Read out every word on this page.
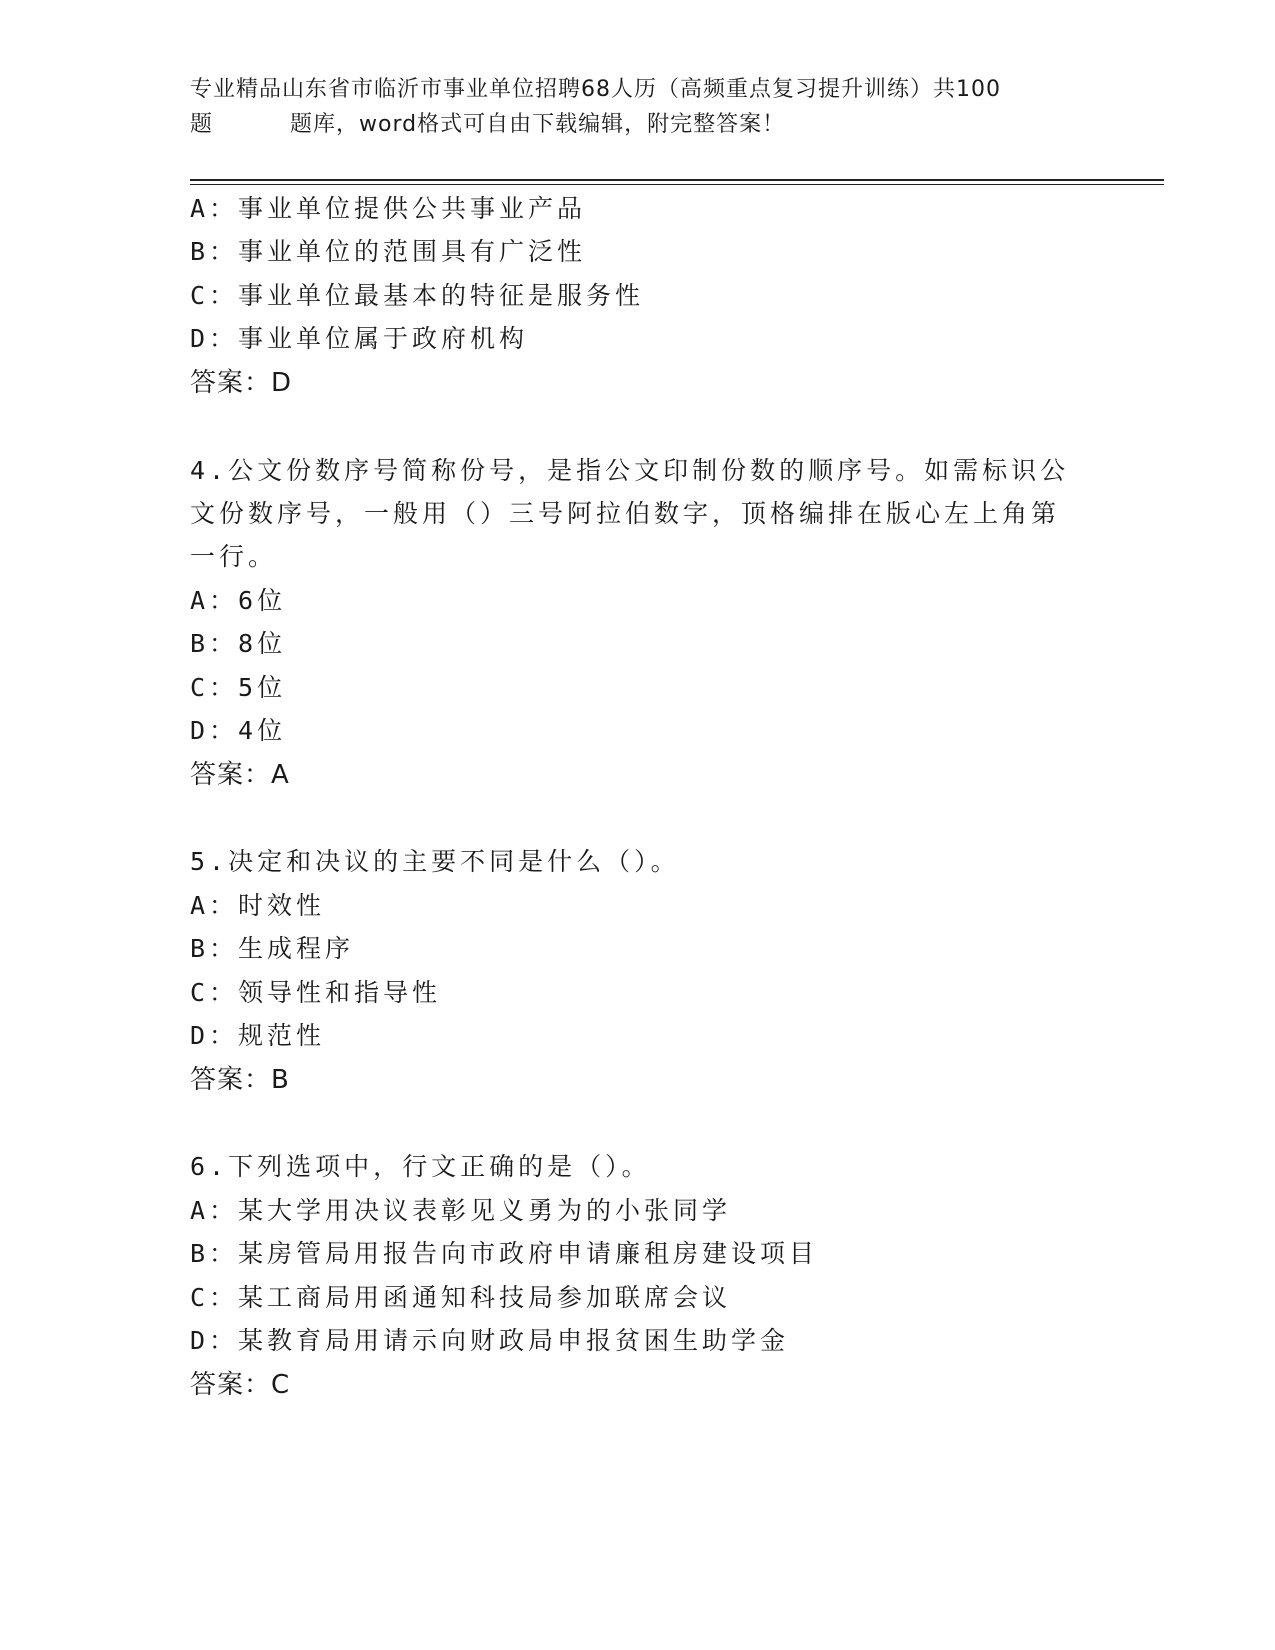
专业精品山东省市临沂市事业单位招聘68人历（高频重点复习提升训练）共100
题	题库，word格式可自由下载编辑，附完整答案！
A：事业单位提供公共事业产品
B：事业单位的范围具有广泛性
C：事业单位最基本的特征是服务性
D：事业单位属于政府机构
答案：D
4.公文份数序号简称份号，是指公文印制份数的顺序号。如需标识公
文份数序号，一般用（）三号阿拉伯数字，顶格编排在版心左上角第
一行。
A：6位
B：8位
C：5位
D：4位
答案：A
5.决定和决议的主要不同是什么（）。
A：时效性
B：生成程序
C：领导性和指导性
D：规范性
答案：B
6.下列选项中，行文正确的是（）。
A：某大学用决议表彰见义勇为的小张同学
B：某房管局用报告向市政府申请廉租房建设项目
C：某工商局用函通知科技局参加联席会议
D：某教育局用请示向财政局申报贫困生助学金
答案：C
